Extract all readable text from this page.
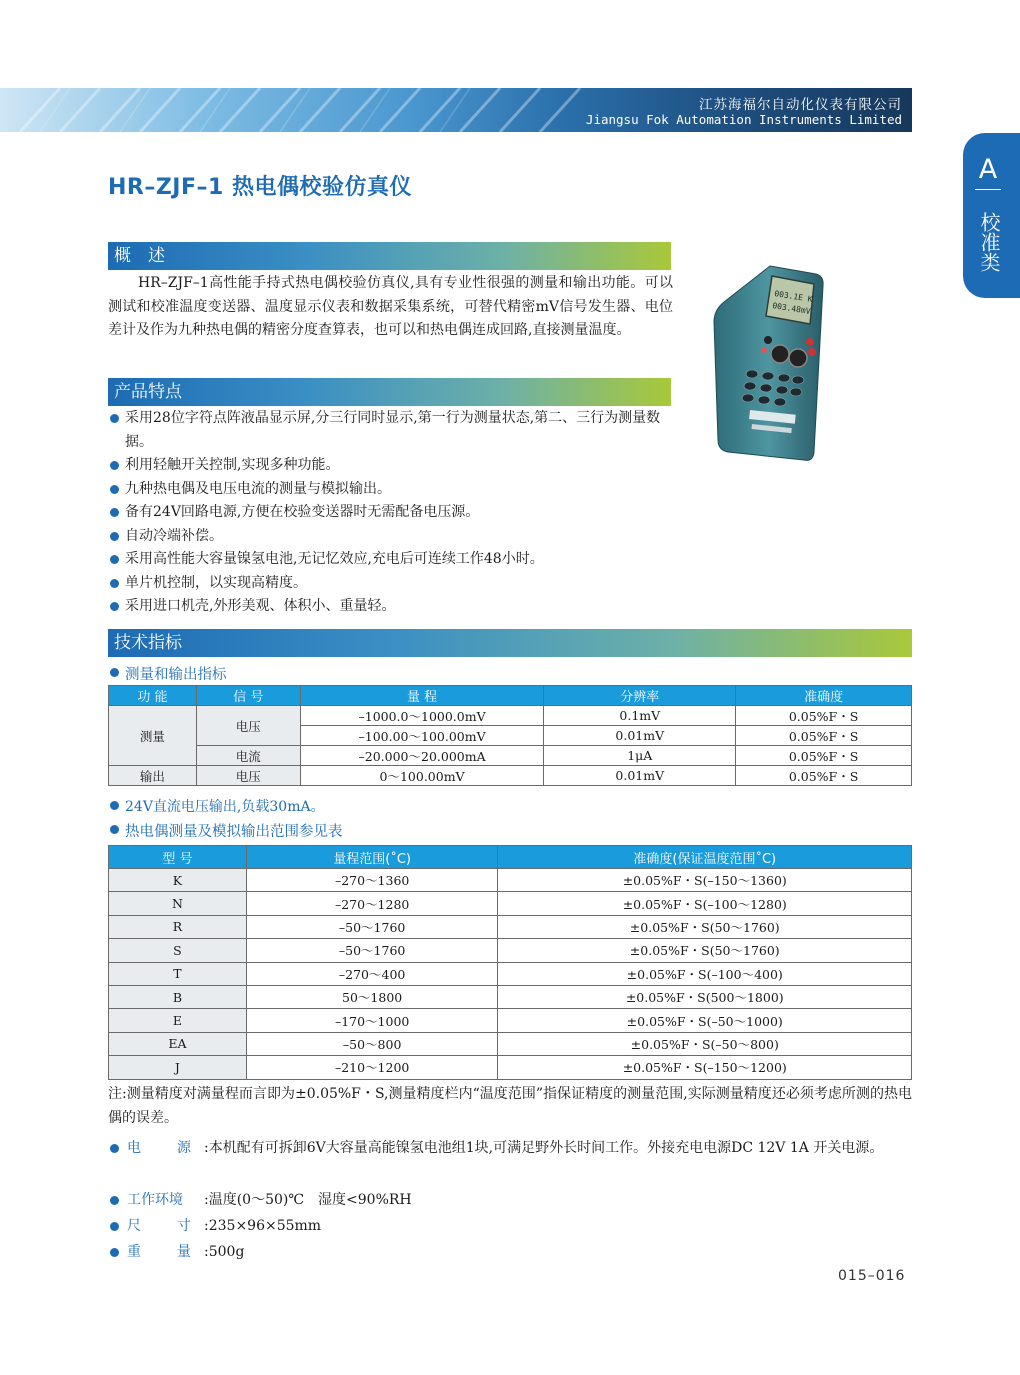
江苏海福尔自动化仪表有限公司
Jiangsu Fok Automation Instruments Limited
A
校准类
HR–ZJF–1 热电偶校验仿真仪
概　述
HR–ZJF–1高性能手持式热电偶校验仿真仪,具有专业性很强的测量和输出功能。可以测试和校准温度变送器、温度显示仪表和数据采集系统，可替代精密mV信号发生器、电位差计及作为九种热电偶的精密分度查算表，也可以和热电偶连成回路,直接测量温度。
003.1E K
003.48mV
产品特点
采用28位字符点阵液晶显示屏,分三行同时显示,第一行为测量状态,第二、三行为测量数据。
利用轻触开关控制,实现多种功能。
九种热电偶及电压电流的测量与模拟输出。
备有24V回路电源,方便在校验变送器时无需配备电压源。
自动冷端补偿。
采用高性能大容量镍氢电池,无记忆效应,充电后可连续工作48小时。
单片机控制，以实现高精度。
采用进口机壳,外形美观、体积小、重量轻。
技术指标
测量和输出指标
功 能	信 号	量 程	分辨率	准确度
测量	电压	–1000.0～1000.0mV	0.1mV	0.05%F・S
		–100.00～100.00mV	0.01mV	0.05%F・S
	电流	–20.000～20.000mA	1μA	0.05%F・S
输出	电压	0～100.00mV	0.01mV	0.05%F・S
24V直流电压输出,负载30mA。
热电偶测量及模拟输出范围参见表
型 号	量程范围(˚C)	准确度(保证温度范围˚C)
K	–270～1360	±0.05%F・S(–150～1360)
N	–270～1280	±0.05%F・S(–100～1280)
R	–50～1760	±0.05%F・S(50～1760)
S	–50～1760	±0.05%F・S(50～1760)
T	–270～400	±0.05%F・S(–100～400)
B	50～1800	±0.05%F・S(500～1800)
E	–170～1000	±0.05%F・S(–50～1000)
EA	–50～800	±0.05%F・S(–50～800)
J	–210～1200	±0.05%F・S(–150～1200)
注:测量精度对满量程而言即为±0.05%F・S,测量精度栏内“温度范围”指保证精度的测量范围,实际测量精度还必须考虑所测的热电偶的误差。
电	源 :本机配有可拆卸6V大容量高能镍氢电池组1块,可满足野外长时间工作。外接充电电源DC 12V 1A 开关电源。
工作环境	:温度(0～50)℃　湿度<90%RH
尺	寸 :235×96×55mm
重	量 :500g
015–016
